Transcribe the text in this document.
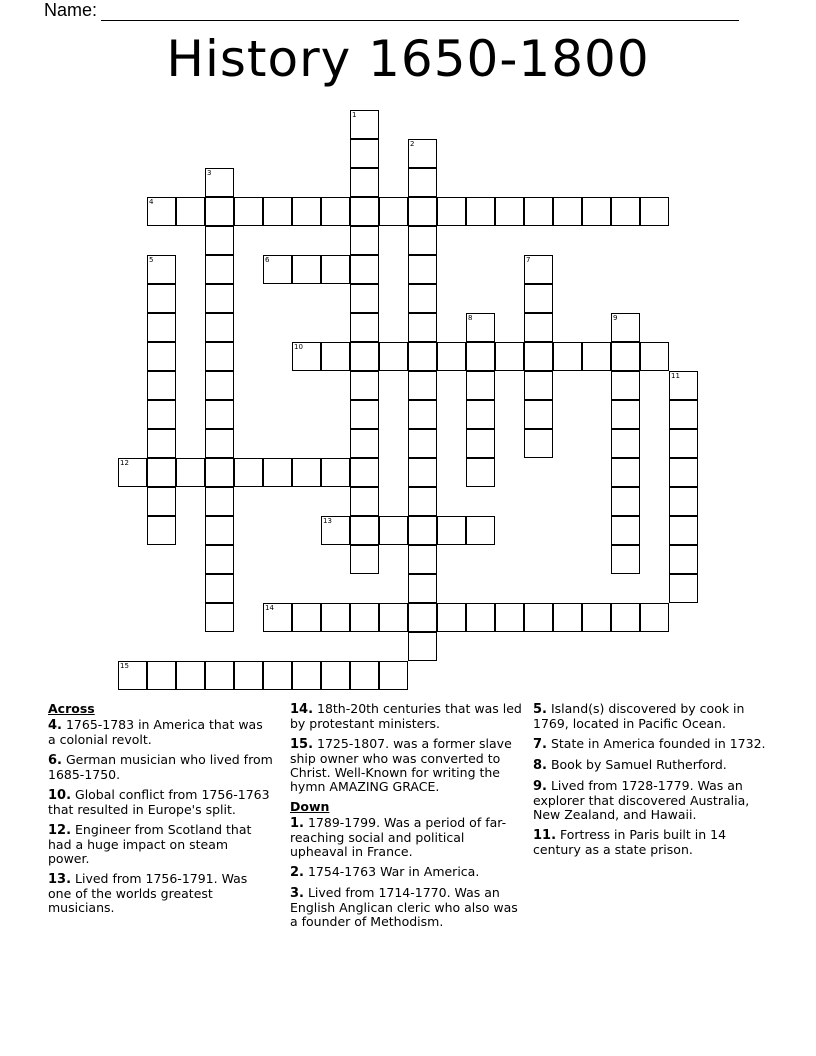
Name:
History 1650-1800
1
2
3
4
5	6	7
8	9
10
11
12
13
14
15
Across
4. 1765-1783 in America that was a colonial revolt.
6. German musician who lived from 1685-1750.
10. Global conflict from 1756-1763 that resulted in Europe's split.
12. Engineer from Scotland that had a huge impact on steam power.
13. Lived from 1756-1791. Was one of the worlds greatest musicians.
14. 18th-20th centuries that was led by protestant ministers.
15. 1725-1807. was a former slave ship owner who was converted to Christ. Well-Known for writing the hymn AMAZING GRACE.
Down
1. 1789-1799. Was a period of far-reaching social and political upheaval in France.
2. 1754-1763 War in America.
3. Lived from 1714-1770. Was an English Anglican cleric who also was a founder of Methodism.
5. Island(s) discovered by cook in 1769, located in Pacific Ocean.
7. State in America founded in 1732.
8. Book by Samuel Rutherford.
9. Lived from 1728-1779. Was an explorer that discovered Australia, New Zealand, and Hawaii.
11. Fortress in Paris built in 14 century as a state prison.
